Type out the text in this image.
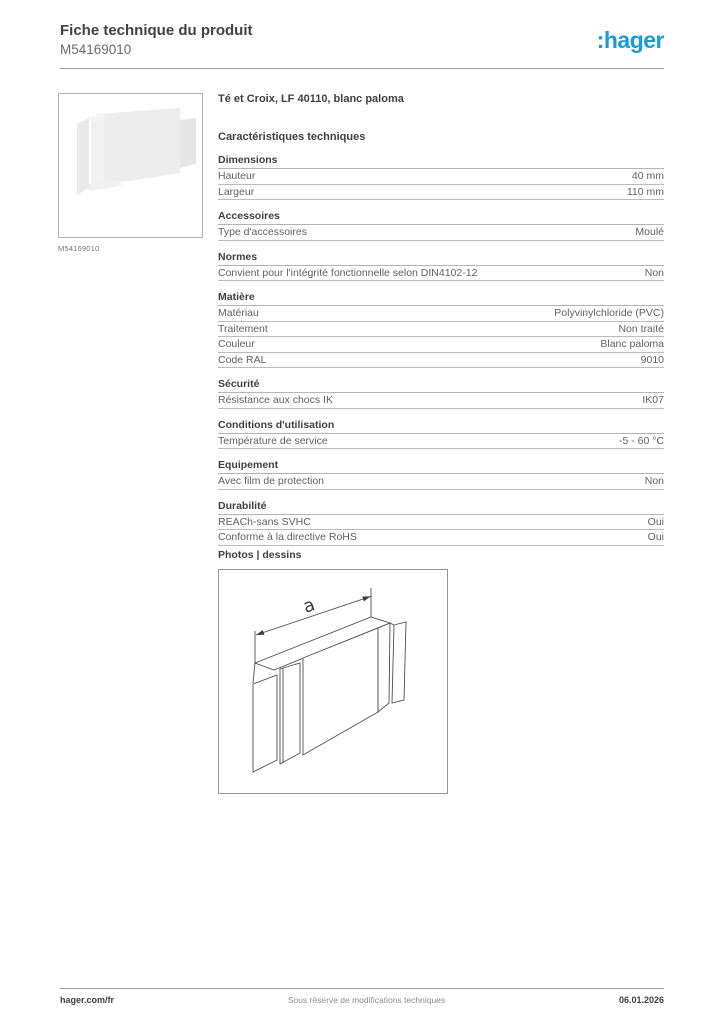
Fiche technique du produit
M54169010	:hager
M54169010
Té et Croix, LF 40110, blanc paloma
Caractéristiques techniques
Dimensions
Hauteur	40 mm
Largeur	110 mm
Accessoires
Type d'accessoires	Moulé
Normes
Convient pour l'intégrité fonctionnelle selon DIN4102-12	Non
Matière
Matériau	Polyvinylchloride (PVC)
Traitement	Non traité
Couleur	Blanc paloma
Code RAL	9010
Sécurité
Résistance aux chocs IK	IK07
Conditions d'utilisation
Température de service	-5 - 60 °C
Equipement
Avec film de protection	Non
Durabilité
REACh-sans SVHC	Oui
Conforme à la directive RoHS	Oui
Photos | dessins
a
hager.com/fr	Sous réserve de modifications techniques	06.01.2026
